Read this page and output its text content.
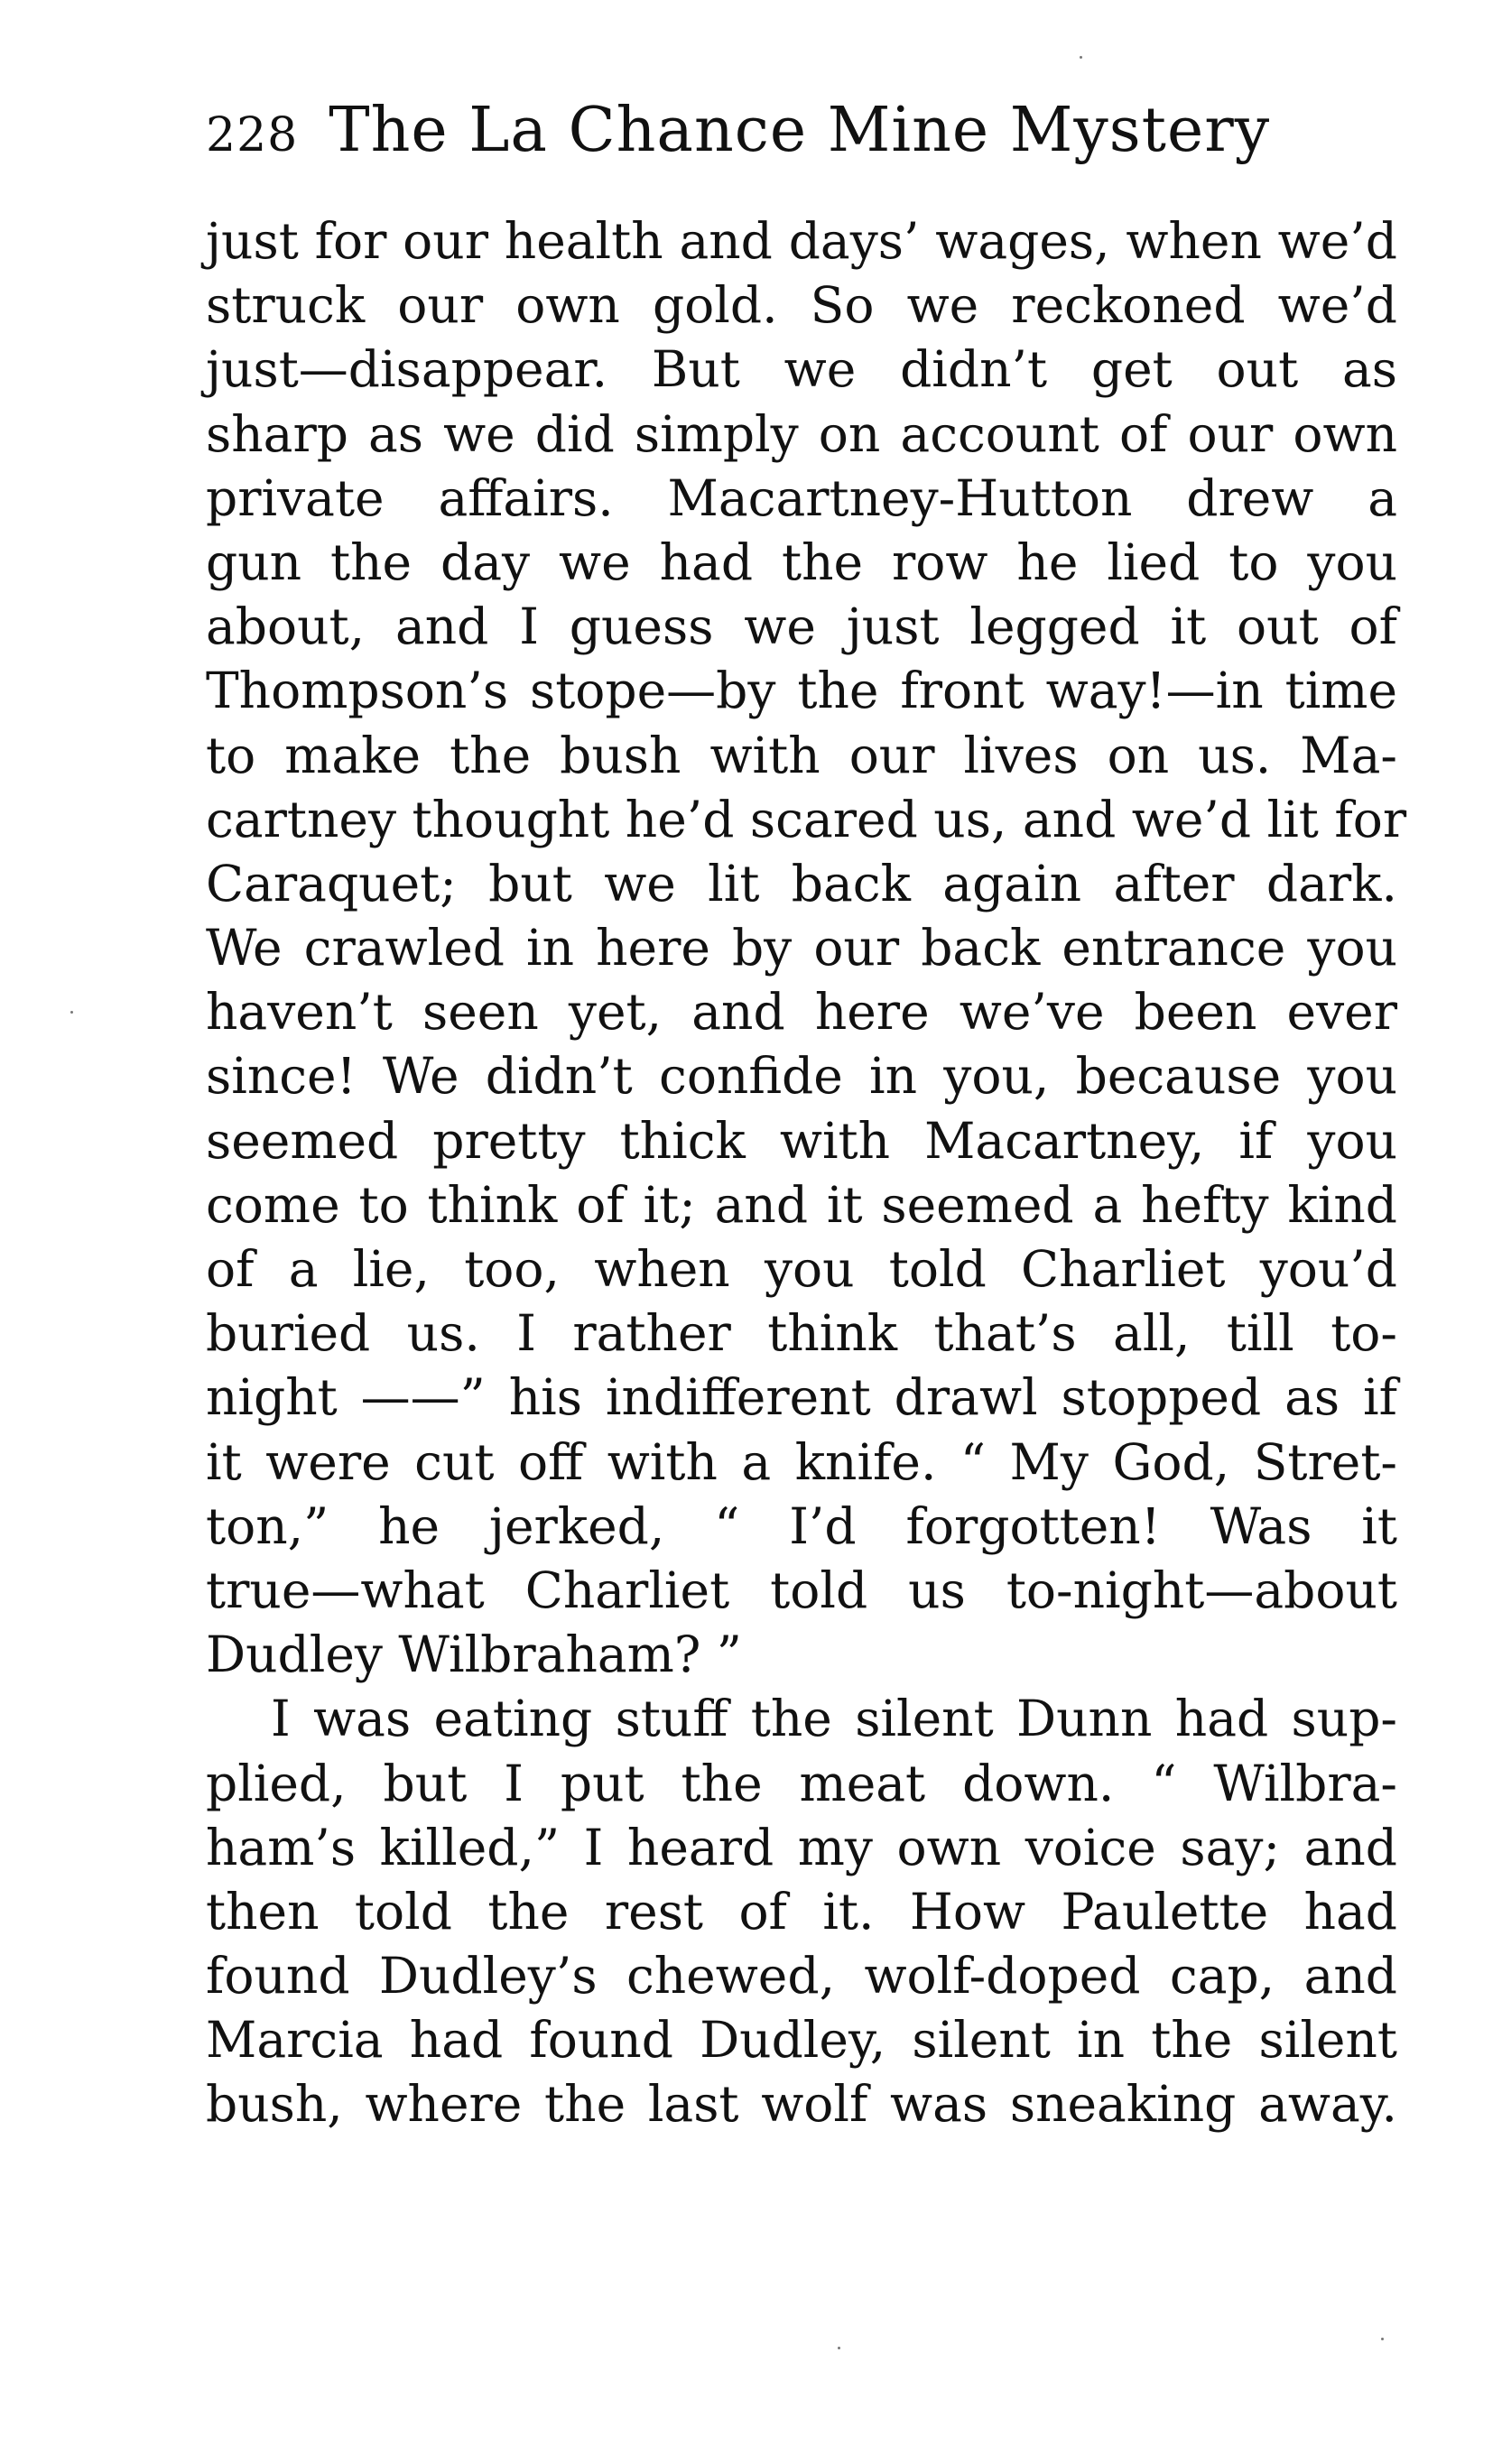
228 The La Chance Mine Mystery
just for our health and days’ wages, when we’d
struck our own gold. So we reckoned we’d
just—disappear. But we didn’t get out as
sharp as we did simply on account of our own
private affairs. Macartney-Hutton drew a
gun the day we had the row he lied to you
about, and I guess we just legged it out of
Thompson’s stope—by the front way!—in time
to make the bush with our lives on us. Ma-
cartney thought he’d scared us, and we’d lit for
Caraquet; but we lit back again after dark.
We crawled in here by our back entrance you
haven’t seen yet, and here we’ve been ever
since! We didn’t confide in you, because you
seemed pretty thick with Macartney, if you
come to think of it; and it seemed a hefty kind
of a lie, too, when you told Charliet you’d
buried us. I rather think that’s all, till to-
night ——” his indifferent drawl stopped as if
it were cut off with a knife. “ My God, Stret-
ton,” he jerked, “ I’d forgotten! Was it
true—what Charliet told us to-night—about
Dudley Wilbraham? ”
I was eating stuff the silent Dunn had sup-
plied, but I put the meat down. “ Wilbra-
ham’s killed,” I heard my own voice say; and
then told the rest of it. How Paulette had
found Dudley’s chewed, wolf-doped cap, and
Marcia had found Dudley, silent in the silent
bush, where the last wolf was sneaking away.
